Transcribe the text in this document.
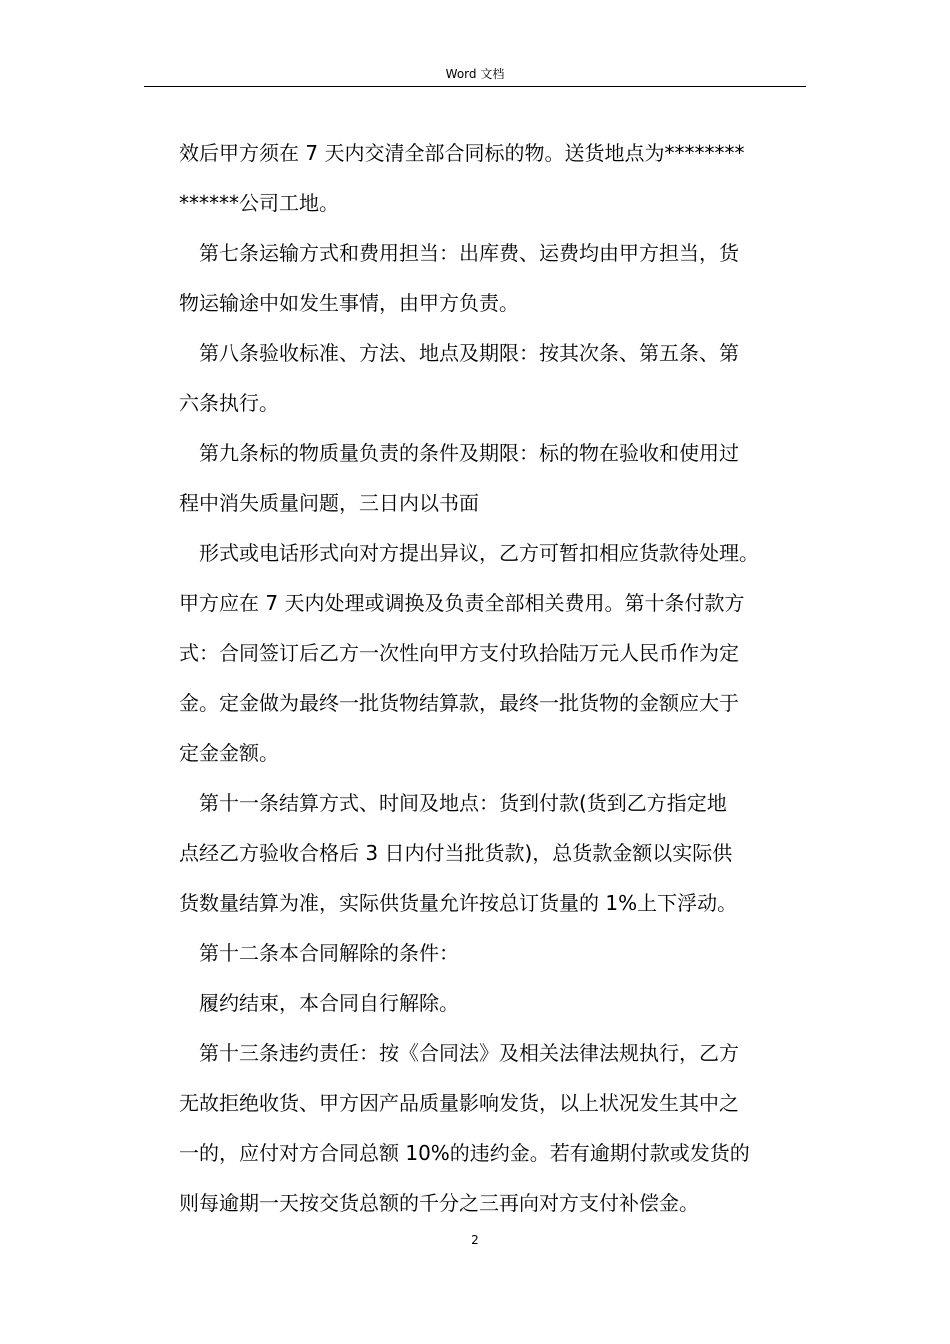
Word 文档
效后甲方须在 7 天内交清全部合同标的物。送货地点为********
******公司工地。
第七条运输方式和费用担当：出库费、运费均由甲方担当，货
物运输途中如发生事情，由甲方负责。
第八条验收标准、方法、地点及期限：按其次条、第五条、第
六条执行。
第九条标的物质量负责的条件及期限：标的物在验收和使用过
程中消失质量问题，三日内以书面
形式或电话形式向对方提出异议，乙方可暂扣相应货款待处理。
甲方应在 7 天内处理或调换及负责全部相关费用。第十条付款方
式：合同签订后乙方一次性向甲方支付玖拾陆万元人民币作为定
金。定金做为最终一批货物结算款，最终一批货物的金额应大于
定金金额。
第十一条结算方式、时间及地点：货到付款(货到乙方指定地
点经乙方验收合格后 3 日内付当批货款)，总货款金额以实际供
货数量结算为准，实际供货量允许按总订货量的 1%上下浮动。
第十二条本合同解除的条件：
履约结束，本合同自行解除。
第十三条违约责任：按《合同法》及相关法律法规执行，乙方
无故拒绝收货、甲方因产品质量影响发货，以上状况发生其中之
一的，应付对方合同总额 10%的违约金。若有逾期付款或发货的
则每逾期一天按交货总额的千分之三再向对方支付补偿金。
2
